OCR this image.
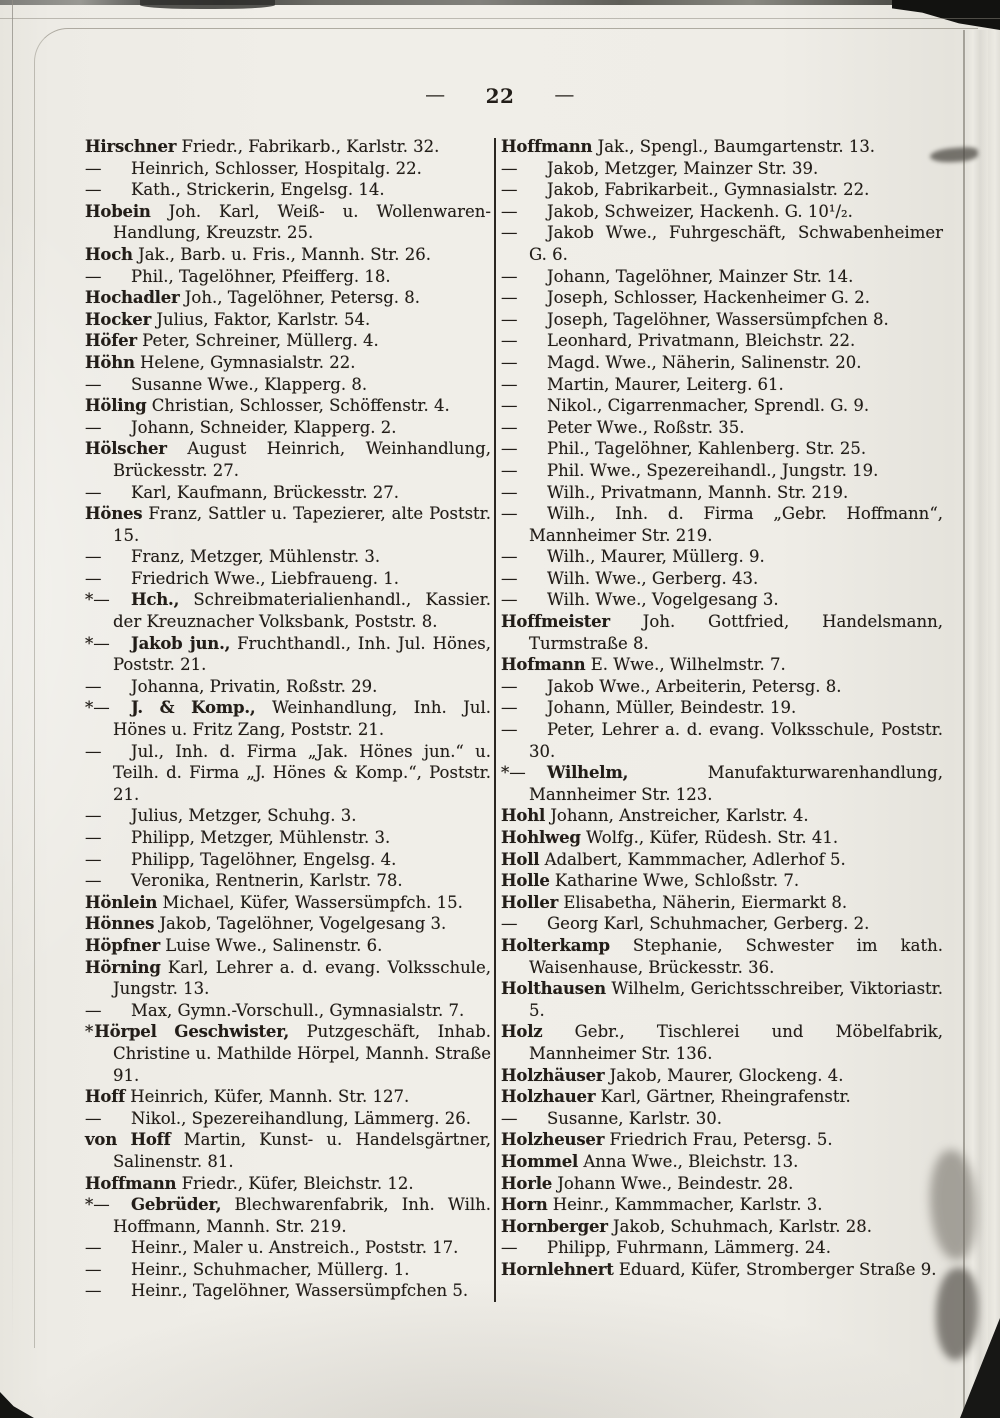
— 22 —
Hirschner Friedr., Fabrikarb., Karlstr. 32.
— Heinrich, Schlosser, Hospitalg. 22.
— Kath., Strickerin, Engelsg. 14.
Hobein Joh. Karl, Weiß- u. Wollenwaren-Handlung, Kreuzstr. 25.
Hoch Jak., Barb. u. Fris., Mannh. Str. 26.
— Phil., Tagelöhner, Pfeifferg. 18.
Hochadler Joh., Tagelöhner, Petersg. 8.
Hocker Julius, Faktor, Karlstr. 54.
Höfer Peter, Schreiner, Müllerg. 4.
Höhn Helene, Gymnasialstr. 22.
— Susanne Wwe., Klapperg. 8.
Höling Christian, Schlosser, Schöffenstr. 4.
— Johann, Schneider, Klapperg. 2.
Hölscher August Heinrich, Weinhandlung, Brückesstr. 27.
— Karl, Kaufmann, Brückesstr. 27.
Hönes Franz, Sattler u. Tapezierer, alte Poststr. 15.
— Franz, Metzger, Mühlenstr. 3.
— Friedrich Wwe., Liebfraueng. 1.
*— Hch., Schreibmaterialienhandl., Kassier. der Kreuznacher Volksbank, Poststr. 8.
*— Jakob jun., Fruchthandl., Inh. Jul. Hönes, Poststr. 21.
— Johanna, Privatin, Roßstr. 29.
*— J. & Komp., Weinhandlung, Inh. Jul. Hönes u. Fritz Zang, Poststr. 21.
— Jul., Inh. d. Firma „Jak. Hönes jun.“ u. Teilh. d. Firma „J. Hönes & Komp.“, Poststr. 21.
— Julius, Metzger, Schuhg. 3.
— Philipp, Metzger, Mühlenstr. 3.
— Philipp, Tagelöhner, Engelsg. 4.
— Veronika, Rentnerin, Karlstr. 78.
Hönlein Michael, Küfer, Wassersümpfch. 15.
Hönnes Jakob, Tagelöhner, Vogelgesang 3.
Höpfner Luise Wwe., Salinenstr. 6.
Hörning Karl, Lehrer a. d. evang. Volksschule, Jungstr. 13.
— Max, Gymn.-Vorschull., Gymnasialstr. 7.
*Hörpel Geschwister, Putzgeschäft, Inhab. Christine u. Mathilde Hörpel, Mannh. Straße 91.
Hoff Heinrich, Küfer, Mannh. Str. 127.
— Nikol., Spezereihandlung, Lämmerg. 26.
von Hoff Martin, Kunst- u. Handelsgärtner, Salinenstr. 81.
Hoffmann Friedr., Küfer, Bleichstr. 12.
*— Gebrüder, Blechwarenfabrik, Inh. Wilh. Hoffmann, Mannh. Str. 219.
— Heinr., Maler u. Anstreich., Poststr. 17.
— Heinr., Schuhmacher, Müllerg. 1.
— Heinr., Tagelöhner, Wassersümpfchen 5.
Hoffmann Jak., Spengl., Baumgartenstr. 13.
— Jakob, Metzger, Mainzer Str. 39.
— Jakob, Fabrikarbeit., Gymnasialstr. 22.
— Jakob, Schweizer, Hackenh. G. 10¹/₂.
— Jakob Wwe., Fuhrgeschäft, Schwabenheimer G. 6.
— Johann, Tagelöhner, Mainzer Str. 14.
— Joseph, Schlosser, Hackenheimer G. 2.
— Joseph, Tagelöhner, Wassersümpfchen 8.
— Leonhard, Privatmann, Bleichstr. 22.
— Magd. Wwe., Näherin, Salinenstr. 20.
— Martin, Maurer, Leiterg. 61.
— Nikol., Cigarrenmacher, Sprendl. G. 9.
— Peter Wwe., Roßstr. 35.
— Phil., Tagelöhner, Kahlenberg. Str. 25.
— Phil. Wwe., Spezereihandl., Jungstr. 19.
— Wilh., Privatmann, Mannh. Str. 219.
— Wilh., Inh. d. Firma „Gebr. Hoffmann“, Mannheimer Str. 219.
— Wilh., Maurer, Müllerg. 9.
— Wilh. Wwe., Gerberg. 43.
— Wilh. Wwe., Vogelgesang 3.
Hoffmeister Joh. Gottfried, Handelsmann, Turmstraße 8.
Hofmann E. Wwe., Wilhelmstr. 7.
— Jakob Wwe., Arbeiterin, Petersg. 8.
— Johann, Müller, Beindestr. 19.
— Peter, Lehrer a. d. evang. Volksschule, Poststr. 30.
*— Wilhelm,	Manufakturwarenhandlung, Mannheimer Str. 123.
Hohl Johann, Anstreicher, Karlstr. 4.
Hohlweg Wolfg., Küfer, Rüdesh. Str. 41.
Holl Adalbert, Kammmacher, Adlerhof 5.
Holle Katharine Wwe, Schloßstr. 7.
Holler Elisabetha, Näherin, Eiermarkt 8.
— Georg Karl, Schuhmacher, Gerberg. 2.
Holterkamp Stephanie, Schwester im kath. Waisenhause, Brückesstr. 36.
Holthausen Wilhelm, Gerichtsschreiber, Viktoriastr. 5.
Holz Gebr., Tischlerei und Möbelfabrik, Mannheimer Str. 136.
Holzhäuser Jakob, Maurer, Glockeng. 4.
Holzhauer Karl, Gärtner, Rheingrafenstr.
— Susanne, Karlstr. 30.
Holzheuser Friedrich Frau, Petersg. 5.
Hommel Anna Wwe., Bleichstr. 13.
Horle Johann Wwe., Beindestr. 28.
Horn Heinr., Kammmacher, Karlstr. 3.
Hornberger Jakob, Schuhmach, Karlstr. 28.
— Philipp, Fuhrmann, Lämmerg. 24.
Hornlehnert Eduard, Küfer, Stromberger Straße 9.
